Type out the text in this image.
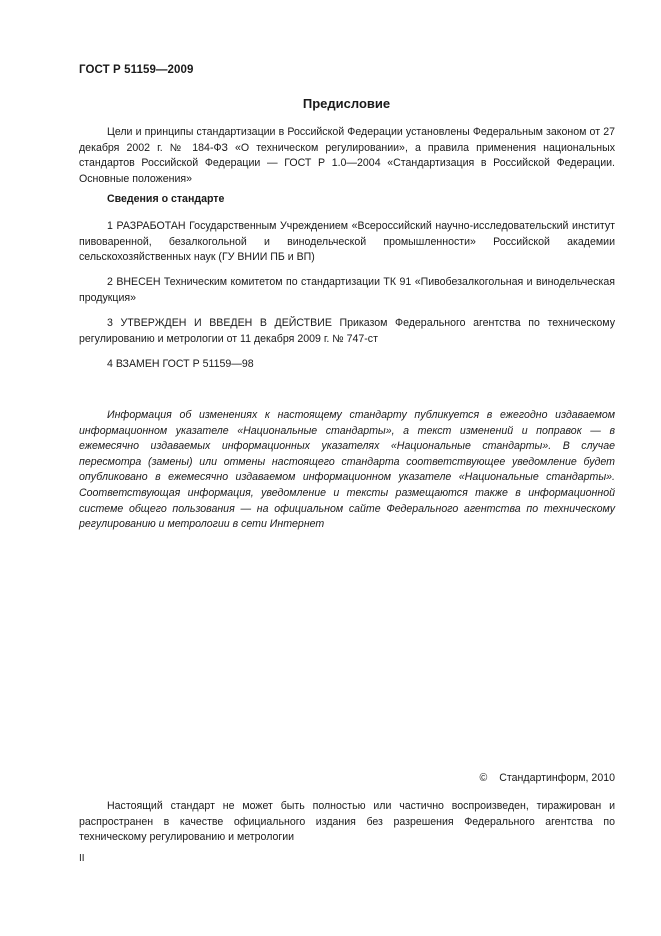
ГОСТ Р 51159—2009
Предисловие

Цели и принципы стандартизации в Российской Федерации установлены Федеральным законом от 27 декабря 2002 г. № 184-ФЗ «О техническом регулировании», а правила применения национальных стандартов Российской Федерации — ГОСТ Р 1.0—2004 «Стандартизация в Российской Федерации. Основные положения»

Сведения о стандарте

1 РАЗРАБОТАН Государственным Учреждением «Всероссийский научно-исследовательский институт пивоваренной, безалкогольной и винодельческой промышленности» Российской академии сельскохозяйственных наук (ГУ ВНИИ ПБ и ВП)

2 ВНЕСЕН Техническим комитетом по стандартизации ТК 91 «Пивобезалкогольная и винодельческая продукция»

3 УТВЕРЖДЕН И ВВЕДЕН В ДЕЙСТВИЕ Приказом Федерального агентства по техническому регулированию и метрологии от 11 декабря 2009 г. № 747-ст

4 ВЗАМЕН ГОСТ Р 51159—98

Информация об изменениях к настоящему стандарту публикуется в ежегодно издаваемом информационном указателе «Национальные стандарты», а текст изменений и поправок — в ежемесячно издаваемых информационных указателях «Национальные стандарты». В случае пересмотра (замены) или отмены настоящего стандарта соответствующее уведомление будет опубликовано в ежемесячно издаваемом информационном указателе «Национальные стандарты». Соответствующая информация, уведомление и тексты размещаются также в информационной системе общего пользования — на официальном сайте Федерального агентства по техническому регулированию и метрологии в сети Интернет

© Стандартинформ, 2010

Настоящий стандарт не может быть полностью или частично воспроизведен, тиражирован и распространен в качестве официального издания без разрешения Федерального агентства по техническому регулированию и метрологии

II
